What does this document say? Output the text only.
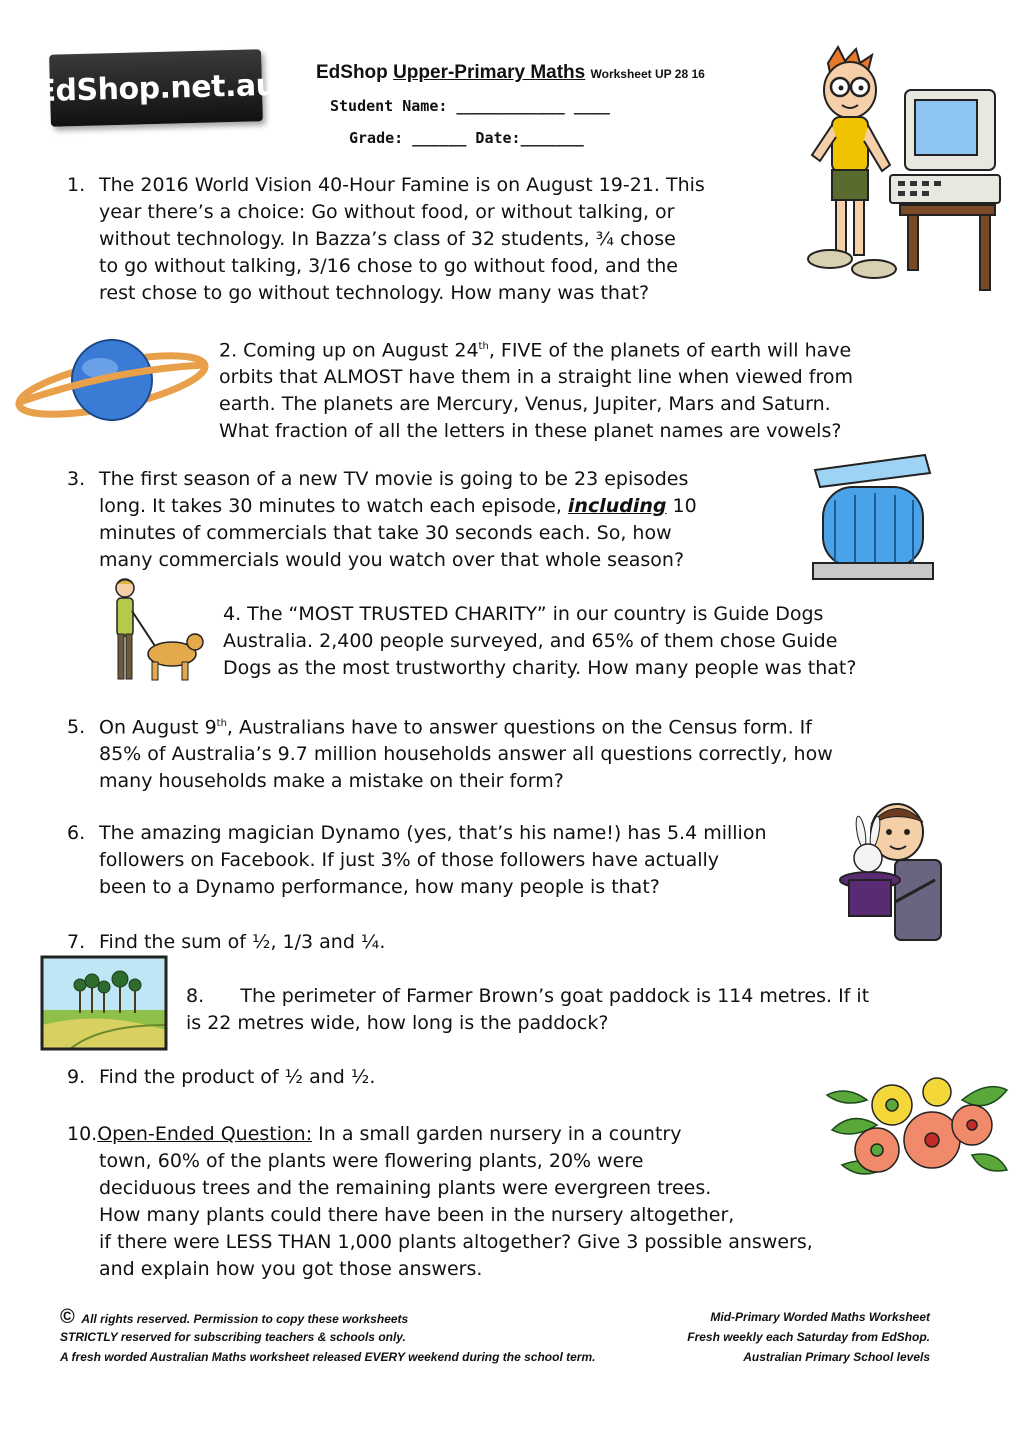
EdShop.net.au EdShop Upper-Primary Maths Worksheet UP 28 16
Student Name: ____________ ____
Grade: ______ Date:_______
1. The 2016 World Vision 40-Hour Famine is on August 19-21. This
year there’s a choice: Go without food, or without talking, or
without technology. In Bazza’s class of 32 students, ¾ chose
to go without talking, 3/16 chose to go without food, and the
rest chose to go without technology. How many was that?
2. Coming up on August 24th, FIVE of the planets of earth will have
orbits that ALMOST have them in a straight line when viewed from
earth. The planets are Mercury, Venus, Jupiter, Mars and Saturn.
What fraction of all the letters in these planet names are vowels?
3. The first season of a new TV movie is going to be 23 episodes
long. It takes 30 minutes to watch each episode, including 10
minutes of commercials that take 30 seconds each. So, how
many commercials would you watch over that whole season?
4. The “MOST TRUSTED CHARITY” in our country is Guide Dogs
Australia. 2,400 people surveyed, and 65% of them chose Guide
Dogs as the most trustworthy charity. How many people was that?
5. On August 9th, Australians have to answer questions on the Census form. If
85% of Australia’s 9.7 million households answer all questions correctly, how
many households make a mistake on their form?
6. The amazing magician Dynamo (yes, that’s his name!) has 5.4 million
followers on Facebook. If just 3% of those followers have actually
been to a Dynamo performance, how many people is that?
7. Find the sum of ½, 1/3 and ¼.
8.      The perimeter of Farmer Brown’s goat paddock is 114 metres. If it
is 22 metres wide, how long is the paddock?
9. Find the product of ½ and ½.
10.Open-Ended Question: In a small garden nursery in a country
town, 60% of the plants were flowering plants, 20% were
deciduous trees and the remaining plants were evergreen trees.
How many plants could there have been in the nursery altogether,
if there were LESS THAN 1,000 plants altogether? Give 3 possible answers,
and explain how you got those answers.
© All rights reserved. Permission to copy these worksheets	Mid-Primary Worded Maths Worksheet
STRICTLY reserved for subscribing teachers & schools only.	Fresh weekly each Saturday from EdShop.
A fresh worded Australian Maths worksheet released EVERY weekend during the school term.	Australian Primary School levels
